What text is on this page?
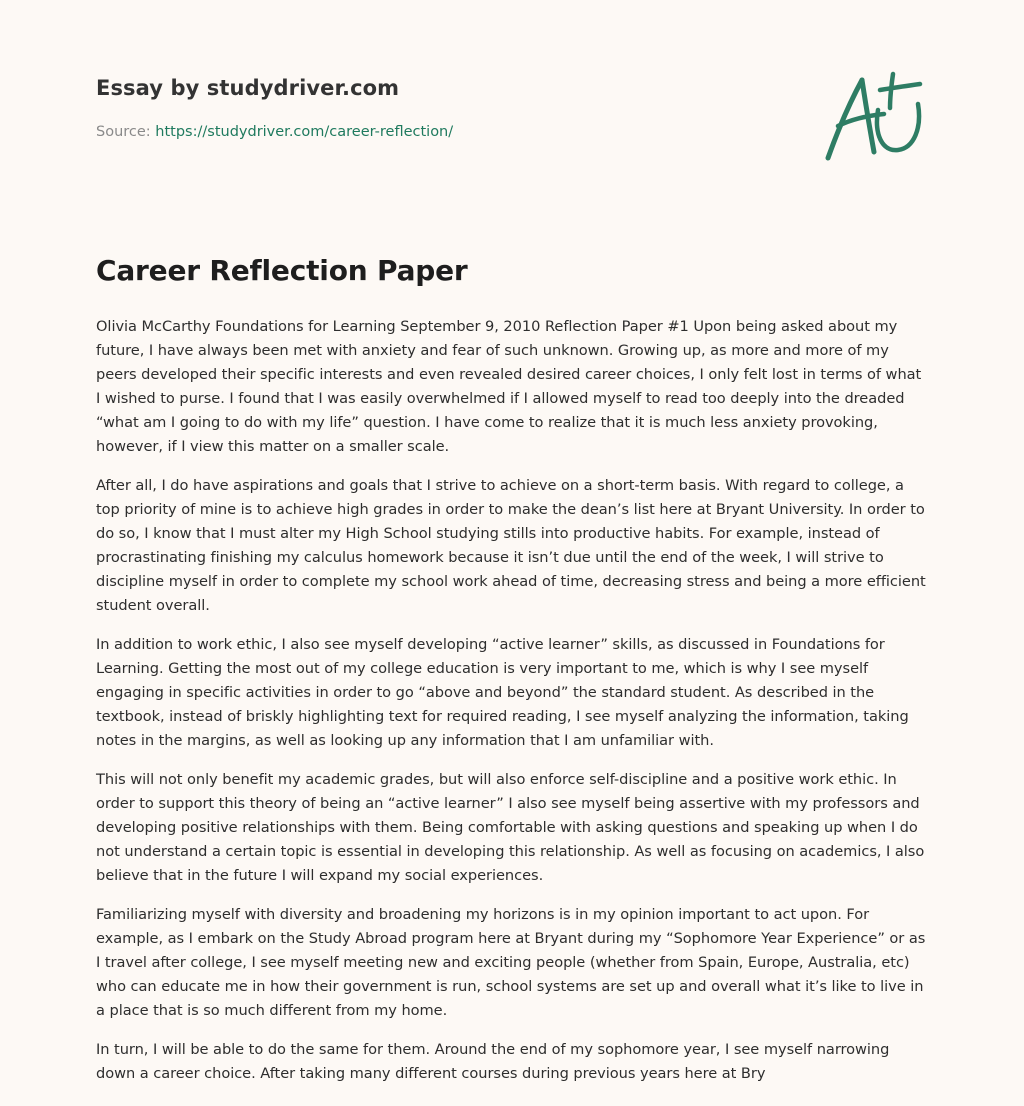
Essay by studydriver.com
Source: https://studydriver.com/career-reflection/
Career Reflection Paper

Olivia McCarthy Foundations for Learning September 9, 2010 Reflection Paper #1 Upon being asked about my future, I have always been met with anxiety and fear of such unknown. Growing up, as more and more of my peers developed their specific interests and even revealed desired career choices, I only felt lost in terms of what I wished to purse. I found that I was easily overwhelmed if I allowed myself to read too deeply into the dreaded “what am I going to do with my life” question. I have come to realize that it is much less anxiety provoking, however, if I view this matter on a smaller scale.

After all, I do have aspirations and goals that I strive to achieve on a short-term basis. With regard to college, a top priority of mine is to achieve high grades in order to make the dean’s list here at Bryant University. In order to do so, I know that I must alter my High School studying stills into productive habits. For example, instead of procrastinating finishing my calculus homework because it isn’t due until the end of the week, I will strive to discipline myself in order to complete my school work ahead of time, decreasing stress and being a more efficient student overall.

In addition to work ethic, I also see myself developing “active learner” skills, as discussed in Foundations for Learning. Getting the most out of my college education is very important to me, which is why I see myself engaging in specific activities in order to go “above and beyond” the standard student. As described in the textbook, instead of briskly highlighting text for required reading, I see myself analyzing the information, taking notes in the margins, as well as looking up any information that I am unfamiliar with.

This will not only benefit my academic grades, but will also enforce self-discipline and a positive work ethic. In order to support this theory of being an “active learner” I also see myself being assertive with my professors and developing positive relationships with them. Being comfortable with asking questions and speaking up when I do not understand a certain topic is essential in developing this relationship. As well as focusing on academics, I also believe that in the future I will expand my social experiences.

Familiarizing myself with diversity and broadening my horizons is in my opinion important to act upon. For example, as I embark on the Study Abroad program here at Bryant during my “Sophomore Year Experience” or as I travel after college, I see myself meeting new and exciting people (whether from Spain, Europe, Australia, etc) who can educate me in how their government is run, school systems are set up and overall what it’s like to live in a place that is so much different from my home.

In turn, I will be able to do the same for them. Around the end of my sophomore year, I see myself narrowing down a career choice. After taking many different courses during previous years here at Bry
